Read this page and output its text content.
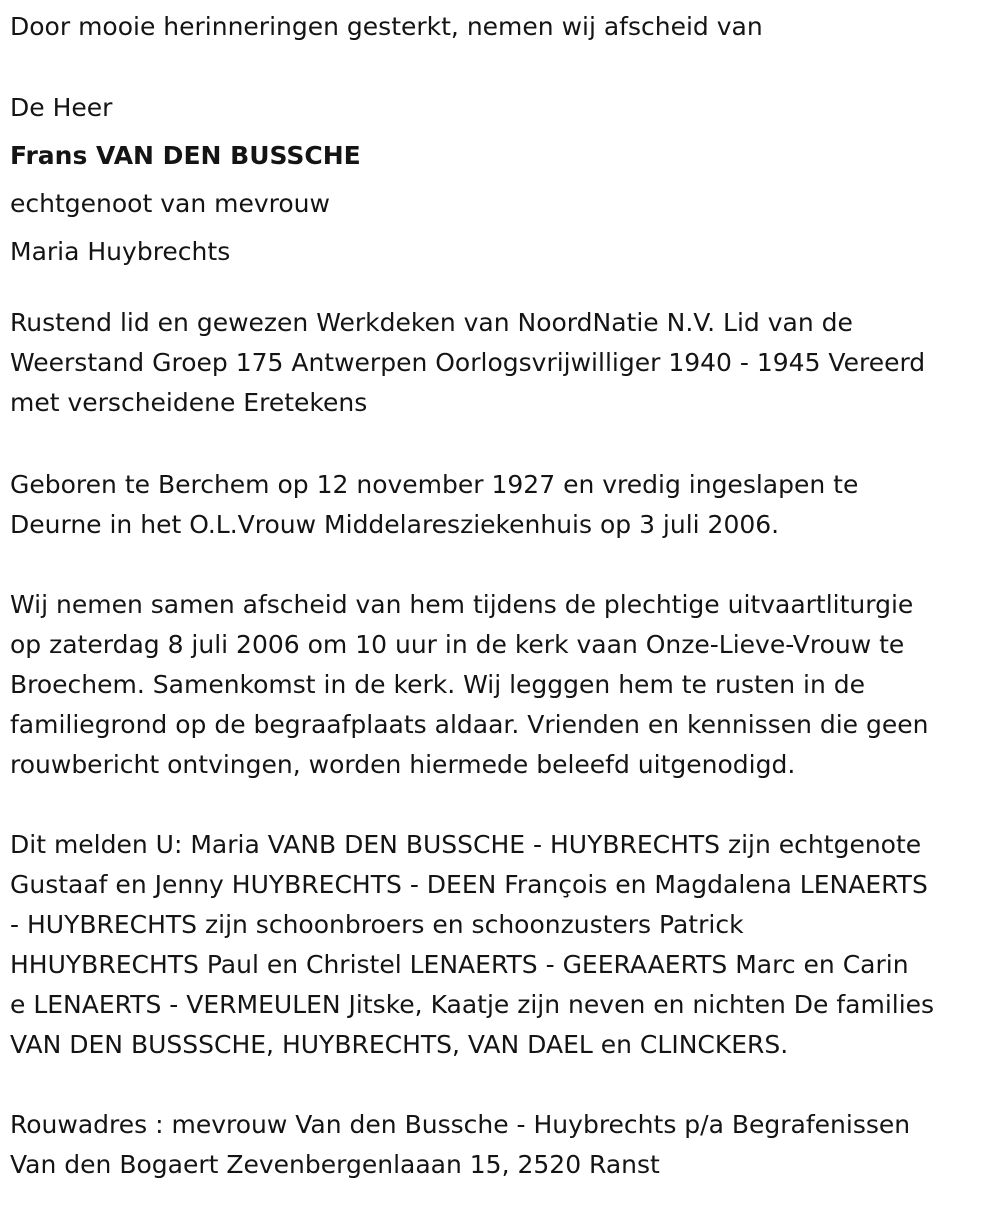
Door mooie herinneringen gesterkt, nemen wij afscheid van
De Heer
Frans VAN DEN BUSSCHE
echtgenoot van mevrouw
Maria Huybrechts
Rustend lid en gewezen Werkdeken van NoordNatie N.V. Lid van de
Weerstand Groep 175 Antwerpen Oorlogsvrijwilliger 1940 - 1945 Vereerd
met verscheidene Eretekens
Geboren te Berchem op 12 november 1927 en vredig ingeslapen te
Deurne in het O.L.Vrouw Middelaresziekenhuis op 3 juli 2006.
Wij nemen samen afscheid van hem tijdens de plechtige uitvaartliturgie
op zaterdag 8 juli 2006 om 10 uur in de kerk vaan Onze-Lieve-Vrouw te
Broechem. Samenkomst in de kerk. Wij legggen hem te rusten in de
familiegrond op de begraafplaats aldaar. Vrienden en kennissen die geen
rouwbericht ontvingen, worden hiermede beleefd uitgenodigd.
Dit melden U: Maria VANB DEN BUSSCHE - HUYBRECHTS zijn echtgenote
Gustaaf en Jenny HUYBRECHTS - DEEN François en Magdalena LENAERTS
- HUYBRECHTS zijn schoonbroers en schoonzusters Patrick
HHUYBRECHTS Paul en Christel LENAERTS - GEERAAERTS Marc en Carin
e LENAERTS - VERMEULEN Jitske, Kaatje zijn neven en nichten De families
VAN DEN BUSSSCHE, HUYBRECHTS, VAN DAEL en CLINCKERS.
Rouwadres : mevrouw Van den Bussche - Huybrechts p/a Begrafenissen
Van den Bogaert Zevenbergenlaaan 15, 2520 Ranst
